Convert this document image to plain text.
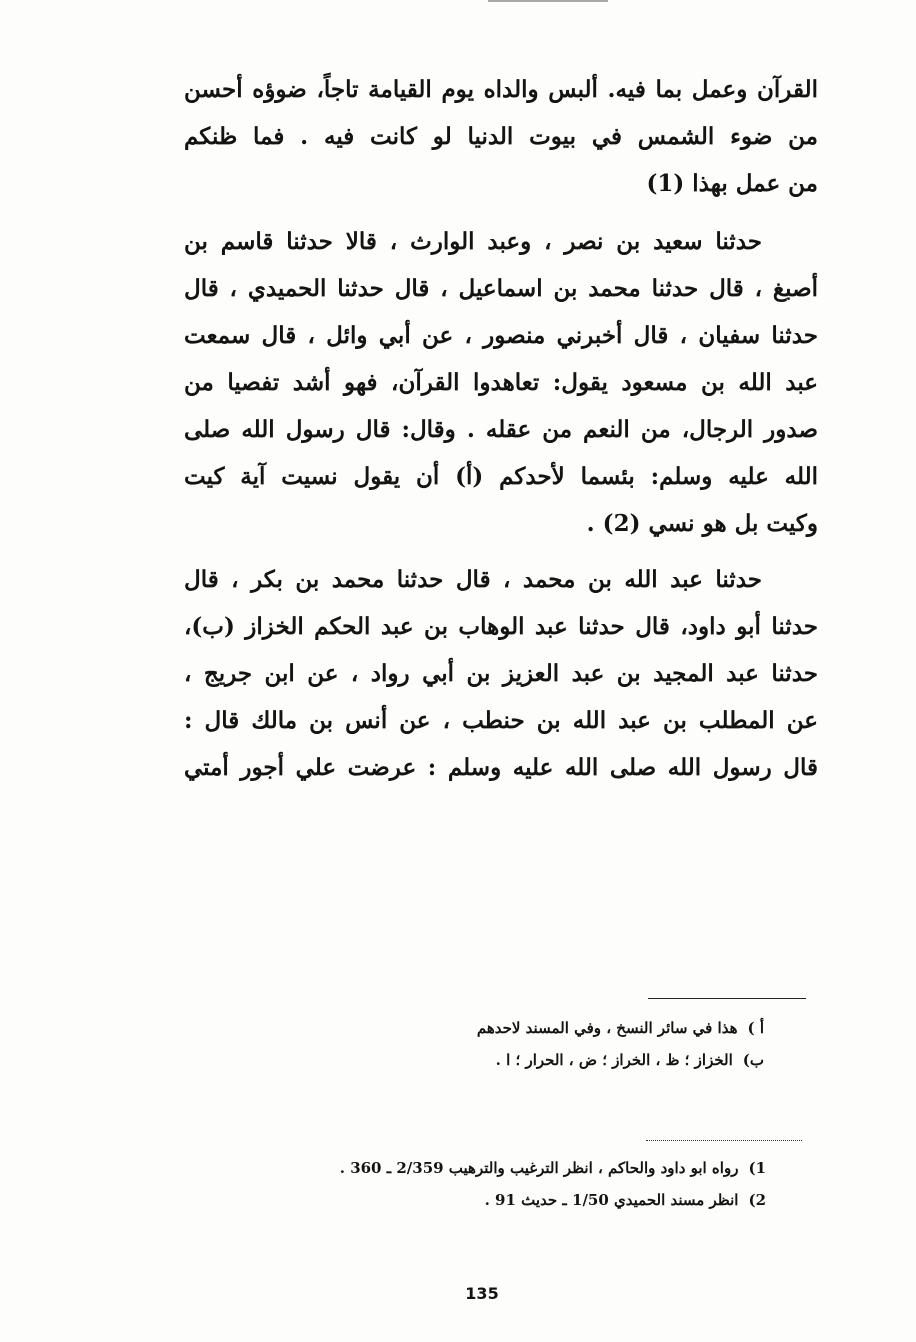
القرآن وعمل بما فيه. ألبس والداه يوم القيامة تاجاً، ضوؤه أحسن
من ضوء الشمس في بيوت الدنيا لو كانت فيه . فما ظنكم
من عمل بهذا (1)
حدثنا سعيد بن نصر ، وعبد الوارث ، قالا حدثنا قاسم بن
أصبغ ، قال حدثنا محمد بن اسماعيل ، قال حدثنا الحميدي ، قال
حدثنا سفيان ، قال أخبرني منصور ، عن أبي وائل ، قال سمعت
عبد الله بن مسعود يقول: تعاهدوا القرآن، فهو أشد تفصيا من
صدور الرجال، من النعم من عقله . وقال: قال رسول الله صلى
الله عليه وسلم: بئسما لأحدكم (أ) أن يقول نسيت آية كيت
وكيت بل هو نسي (2) .
حدثنا عبد الله بن محمد ، قال حدثنا محمد بن بكر ، قال
حدثنا أبو داود، قال حدثنا عبد الوهاب بن عبد الحكم الخزاز (ب)،
حدثنا عبد المجيد بن عبد العزيز بن أبي رواد ، عن ابن جريج ،
عن المطلب بن عبد الله بن حنطب ، عن أنس بن مالك قال :
قال رسول الله صلى الله عليه وسلم : عرضت علي أجور أمتي
أ )هذا في سائر النسخ ، وفي المسند لاحدهم
ب)الخزاز ؛ ظ ، الخراز ؛ ض ، الحرار ؛ ا .
1)رواه ابو داود والحاكم ، انظر الترغيب والترهيب 2/359 ـ 360 .
2)انظر مسند الحميدي 1/50 ـ حديث 91 .
135
